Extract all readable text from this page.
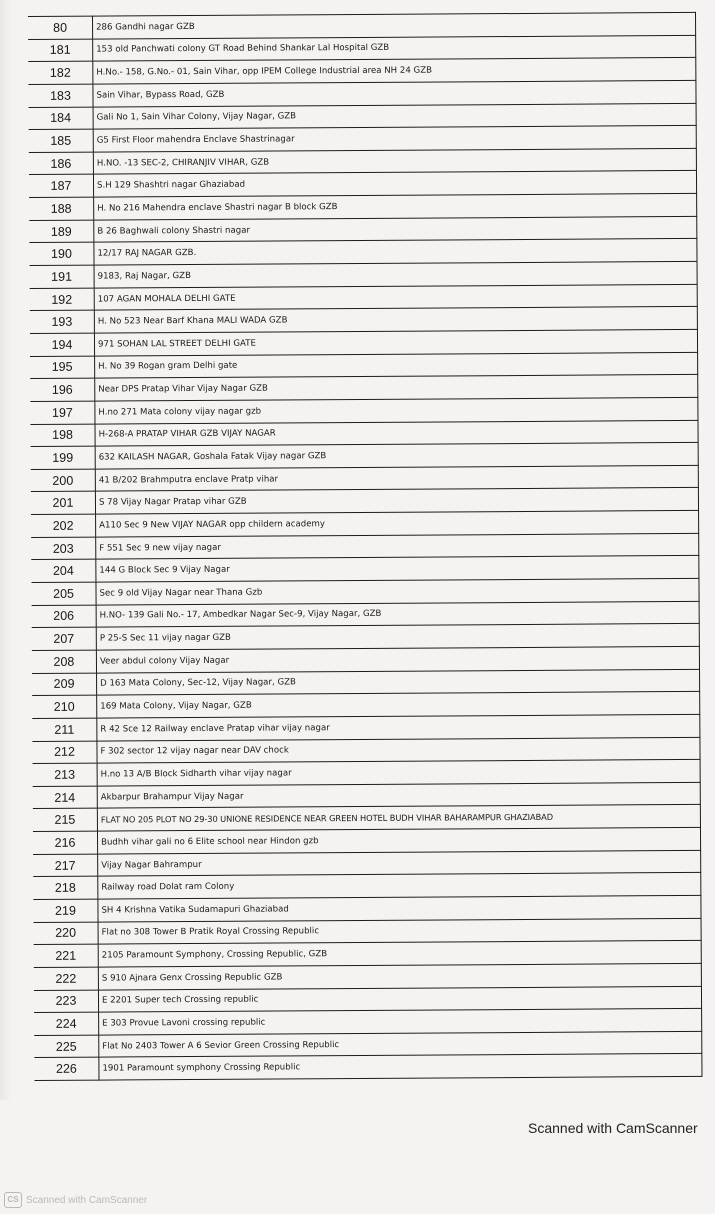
80	286 Gandhi nagar GZB
181	153 old Panchwati colony GT Road Behind Shankar Lal Hospital GZB
182	H.No.- 158, G.No.- 01, Sain Vihar, opp IPEM College Industrial area NH 24 GZB
183	Sain Vihar, Bypass Road, GZB
184	Gali No 1, Sain Vihar Colony, Vijay Nagar, GZB
185	G5 First Floor mahendra Enclave Shastrinagar
186	H.NO. -13 SEC-2, CHIRANJIV VIHAR, GZB
187	S.H 129 Shashtri nagar Ghaziabad
188	H. No 216 Mahendra enclave Shastri nagar B block GZB
189	B 26 Baghwali colony Shastri nagar
190	12/17 RAJ NAGAR GZB.
191	9183, Raj Nagar, GZB
192	107 AGAN MOHALA DELHI GATE
193	H. No 523 Near Barf Khana MALI WADA GZB
194	971 SOHAN LAL STREET DELHI GATE
195	H. No 39 Rogan gram Delhi gate
196	Near DPS Pratap Vihar Vijay Nagar GZB
197	H.no 271 Mata colony vijay nagar gzb
198	H-268-A PRATAP VIHAR GZB VIJAY NAGAR
199	632 KAILASH NAGAR, Goshala Fatak Vijay nagar GZB
200	41 B/202 Brahmputra enclave Pratp vihar
201	S 78 Vijay Nagar Pratap vihar GZB
202	A110 Sec 9 New VIJAY NAGAR opp childern academy
203	F 551 Sec 9 new vijay nagar
204	144 G Block Sec 9 Vijay Nagar
205	Sec 9 old Vijay Nagar near Thana Gzb
206	H.NO- 139 Gali No.- 17, Ambedkar Nagar Sec-9, Vijay Nagar, GZB
207	P 25-S Sec 11 vijay nagar GZB
208	Veer abdul colony Vijay Nagar
209	D 163 Mata Colony, Sec-12, Vijay Nagar, GZB
210	169 Mata Colony, Vijay Nagar, GZB
211	R 42 Sce 12 Railway enclave Pratap vihar vijay nagar
212	F 302 sector 12 vijay nagar near DAV chock
213	H.no 13 A/B Block Sidharth vihar vijay nagar
214	Akbarpur Brahampur Vijay Nagar
215	FLAT NO 205 PLOT NO 29-30 UNIONE RESIDENCE NEAR GREEN HOTEL BUDH VIHAR BAHARAMPUR GHAZIABAD
216	Budhh vihar gali no 6 Elite school near Hindon gzb
217	Vijay Nagar Bahrampur
218	Railway road Dolat ram Colony
219	SH 4 Krishna Vatika Sudamapuri Ghaziabad
220	Flat no 308 Tower B Pratik Royal Crossing Republic
221	2105 Paramount Symphony, Crossing Republic, GZB
222	S 910 Ajnara Genx Crossing Republic GZB
223	E 2201 Super tech Crossing republic
224	E 303 Provue Lavoni crossing republic
225	Flat No 2403 Tower A 6 Sevior Green Crossing Republic
226	1901 Paramount symphony Crossing Republic
Scanned with CamScanner
CS Scanned with CamScanner
